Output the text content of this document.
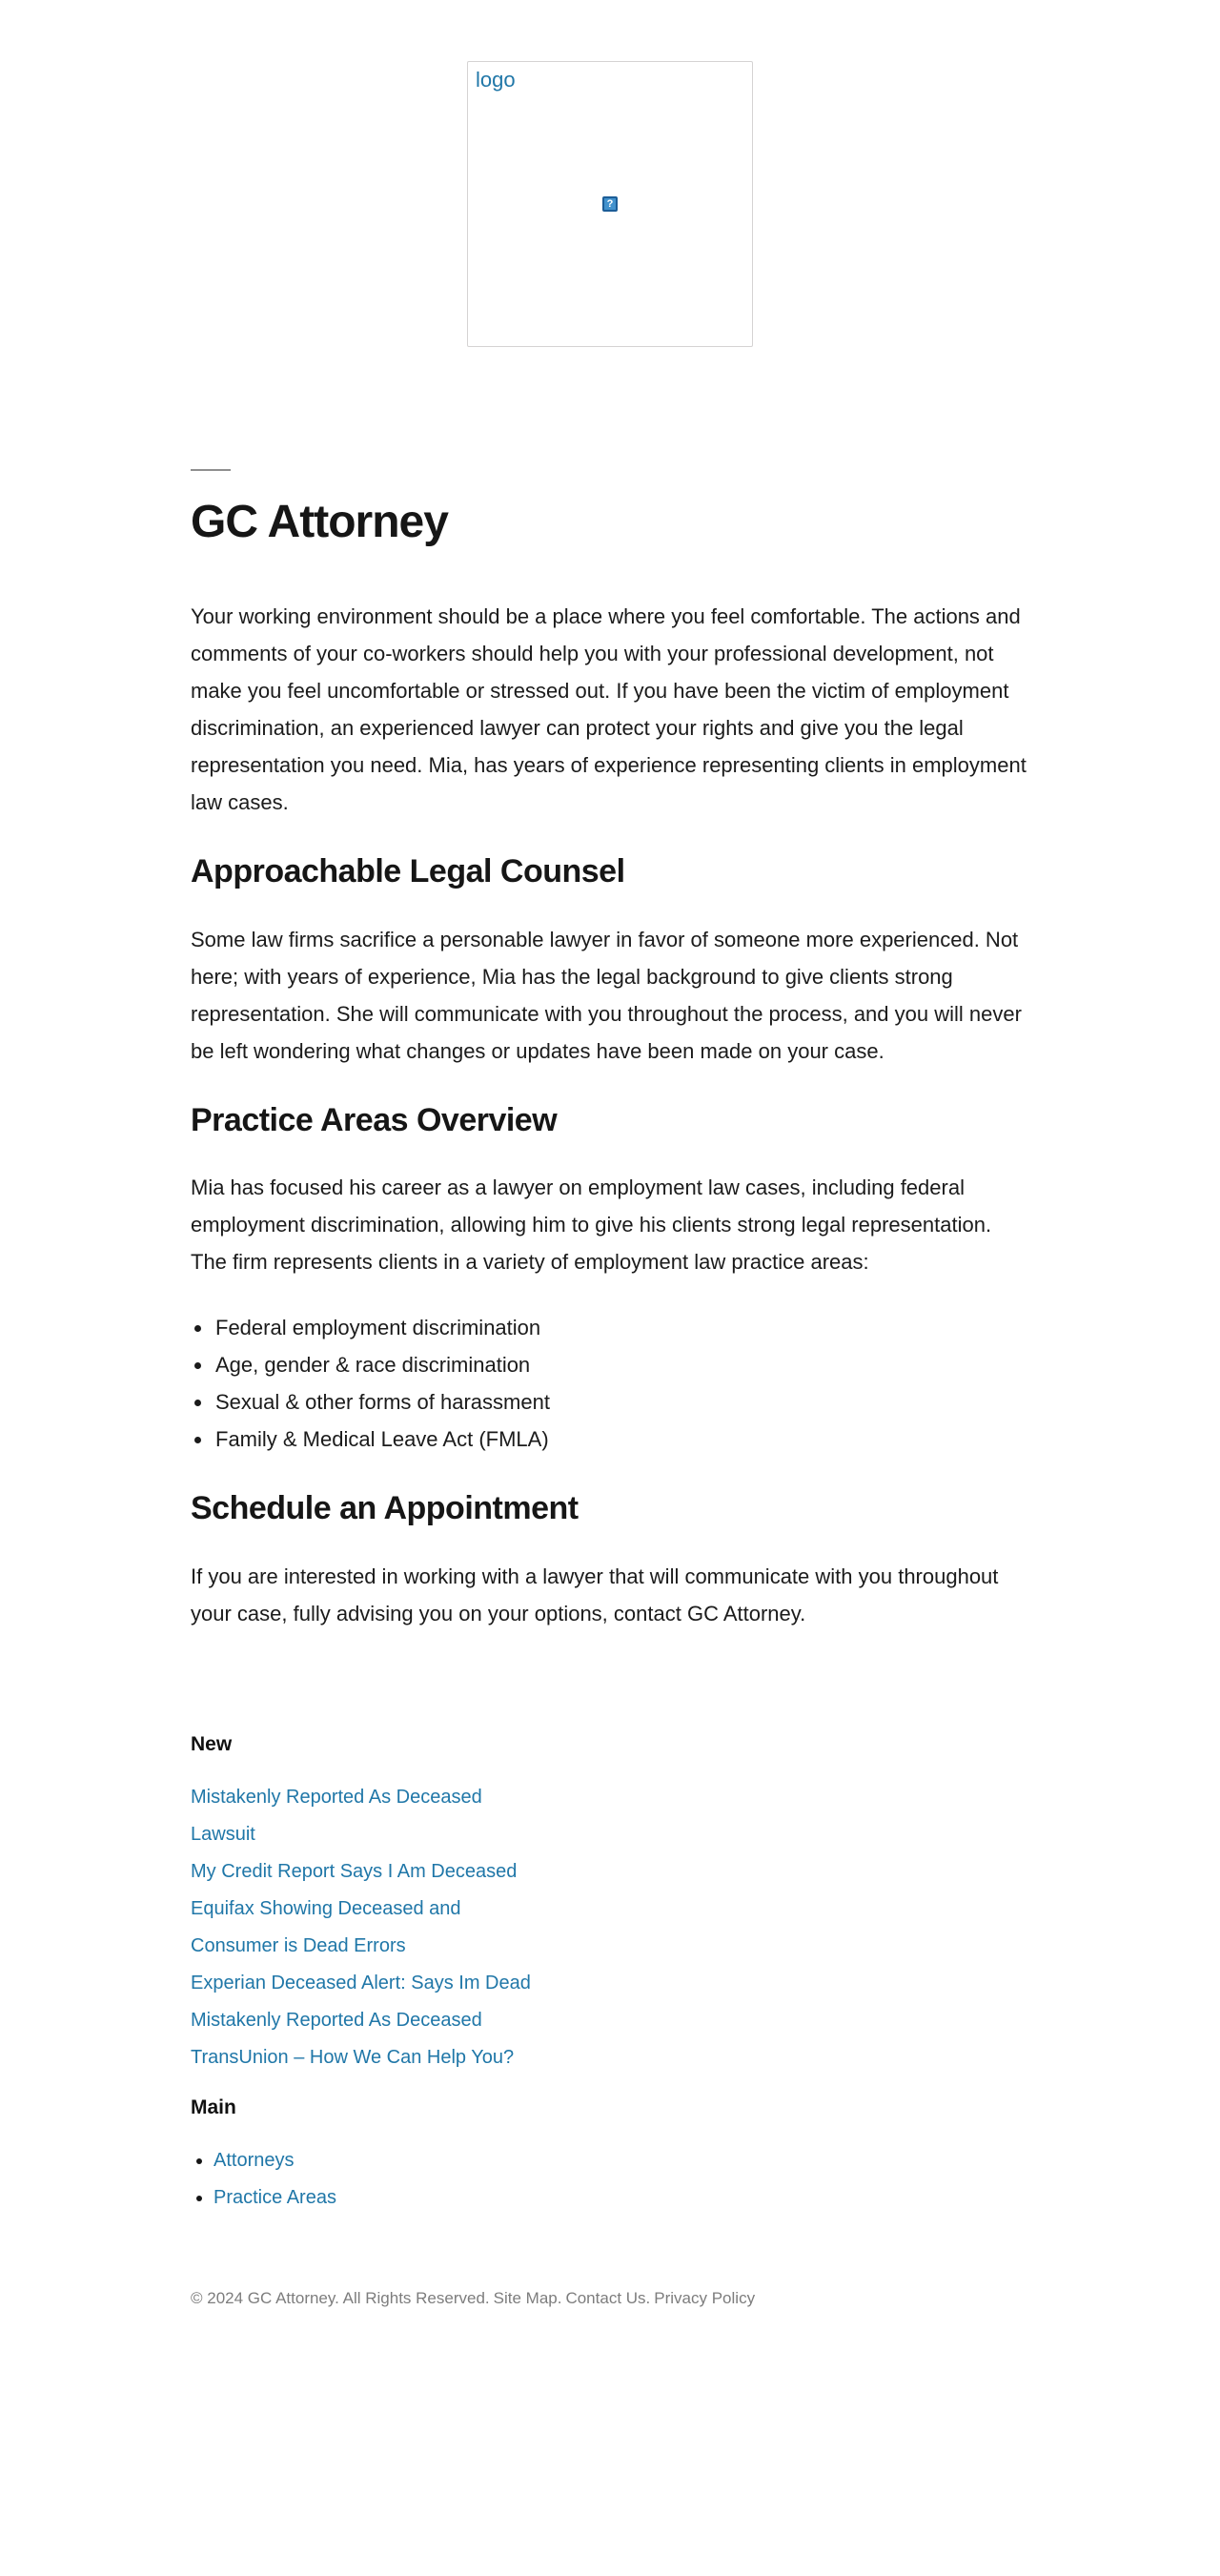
logo
?
GC Attorney

Your working environment should be a place where you feel comfortable. The actions and comments of your co-workers should help you with your professional development, not make you feel uncomfortable or stressed out. If you have been the victim of employment discrimination, an experienced lawyer can protect your rights and give you the legal representation you need. Mia, has years of experience representing clients in employment law cases.

Approachable Legal Counsel

Some law firms sacrifice a personable lawyer in favor of someone more experienced. Not here; with years of experience, Mia has the legal background to give clients strong representation. She will communicate with you throughout the process, and you will never be left wondering what changes or updates have been made on your case.

Practice Areas Overview

Mia has focused his career as a lawyer on employment law cases, including federal employment discrimination, allowing him to give his clients strong legal representation. The firm represents clients in a variety of employment law practice areas:

• Federal employment discrimination
• Age, gender & race discrimination
• Sexual & other forms of harassment
• Family & Medical Leave Act (FMLA)
Schedule an Appointment

If you are interested in working with a lawyer that will communicate with you throughout your case, fully advising you on your options, contact GC Attorney.

New
Mistakenly Reported As Deceased Lawsuit
My Credit Report Says I Am Deceased
Equifax Showing Deceased and Consumer is Dead Errors
Experian Deceased Alert: Says Im Dead
Mistakenly Reported As Deceased TransUnion – How We Can Help You?
Main
• Attorneys
• Practice Areas
© 2024 GC Attorney. All Rights Reserved. Site Map. Contact Us. Privacy Policy
